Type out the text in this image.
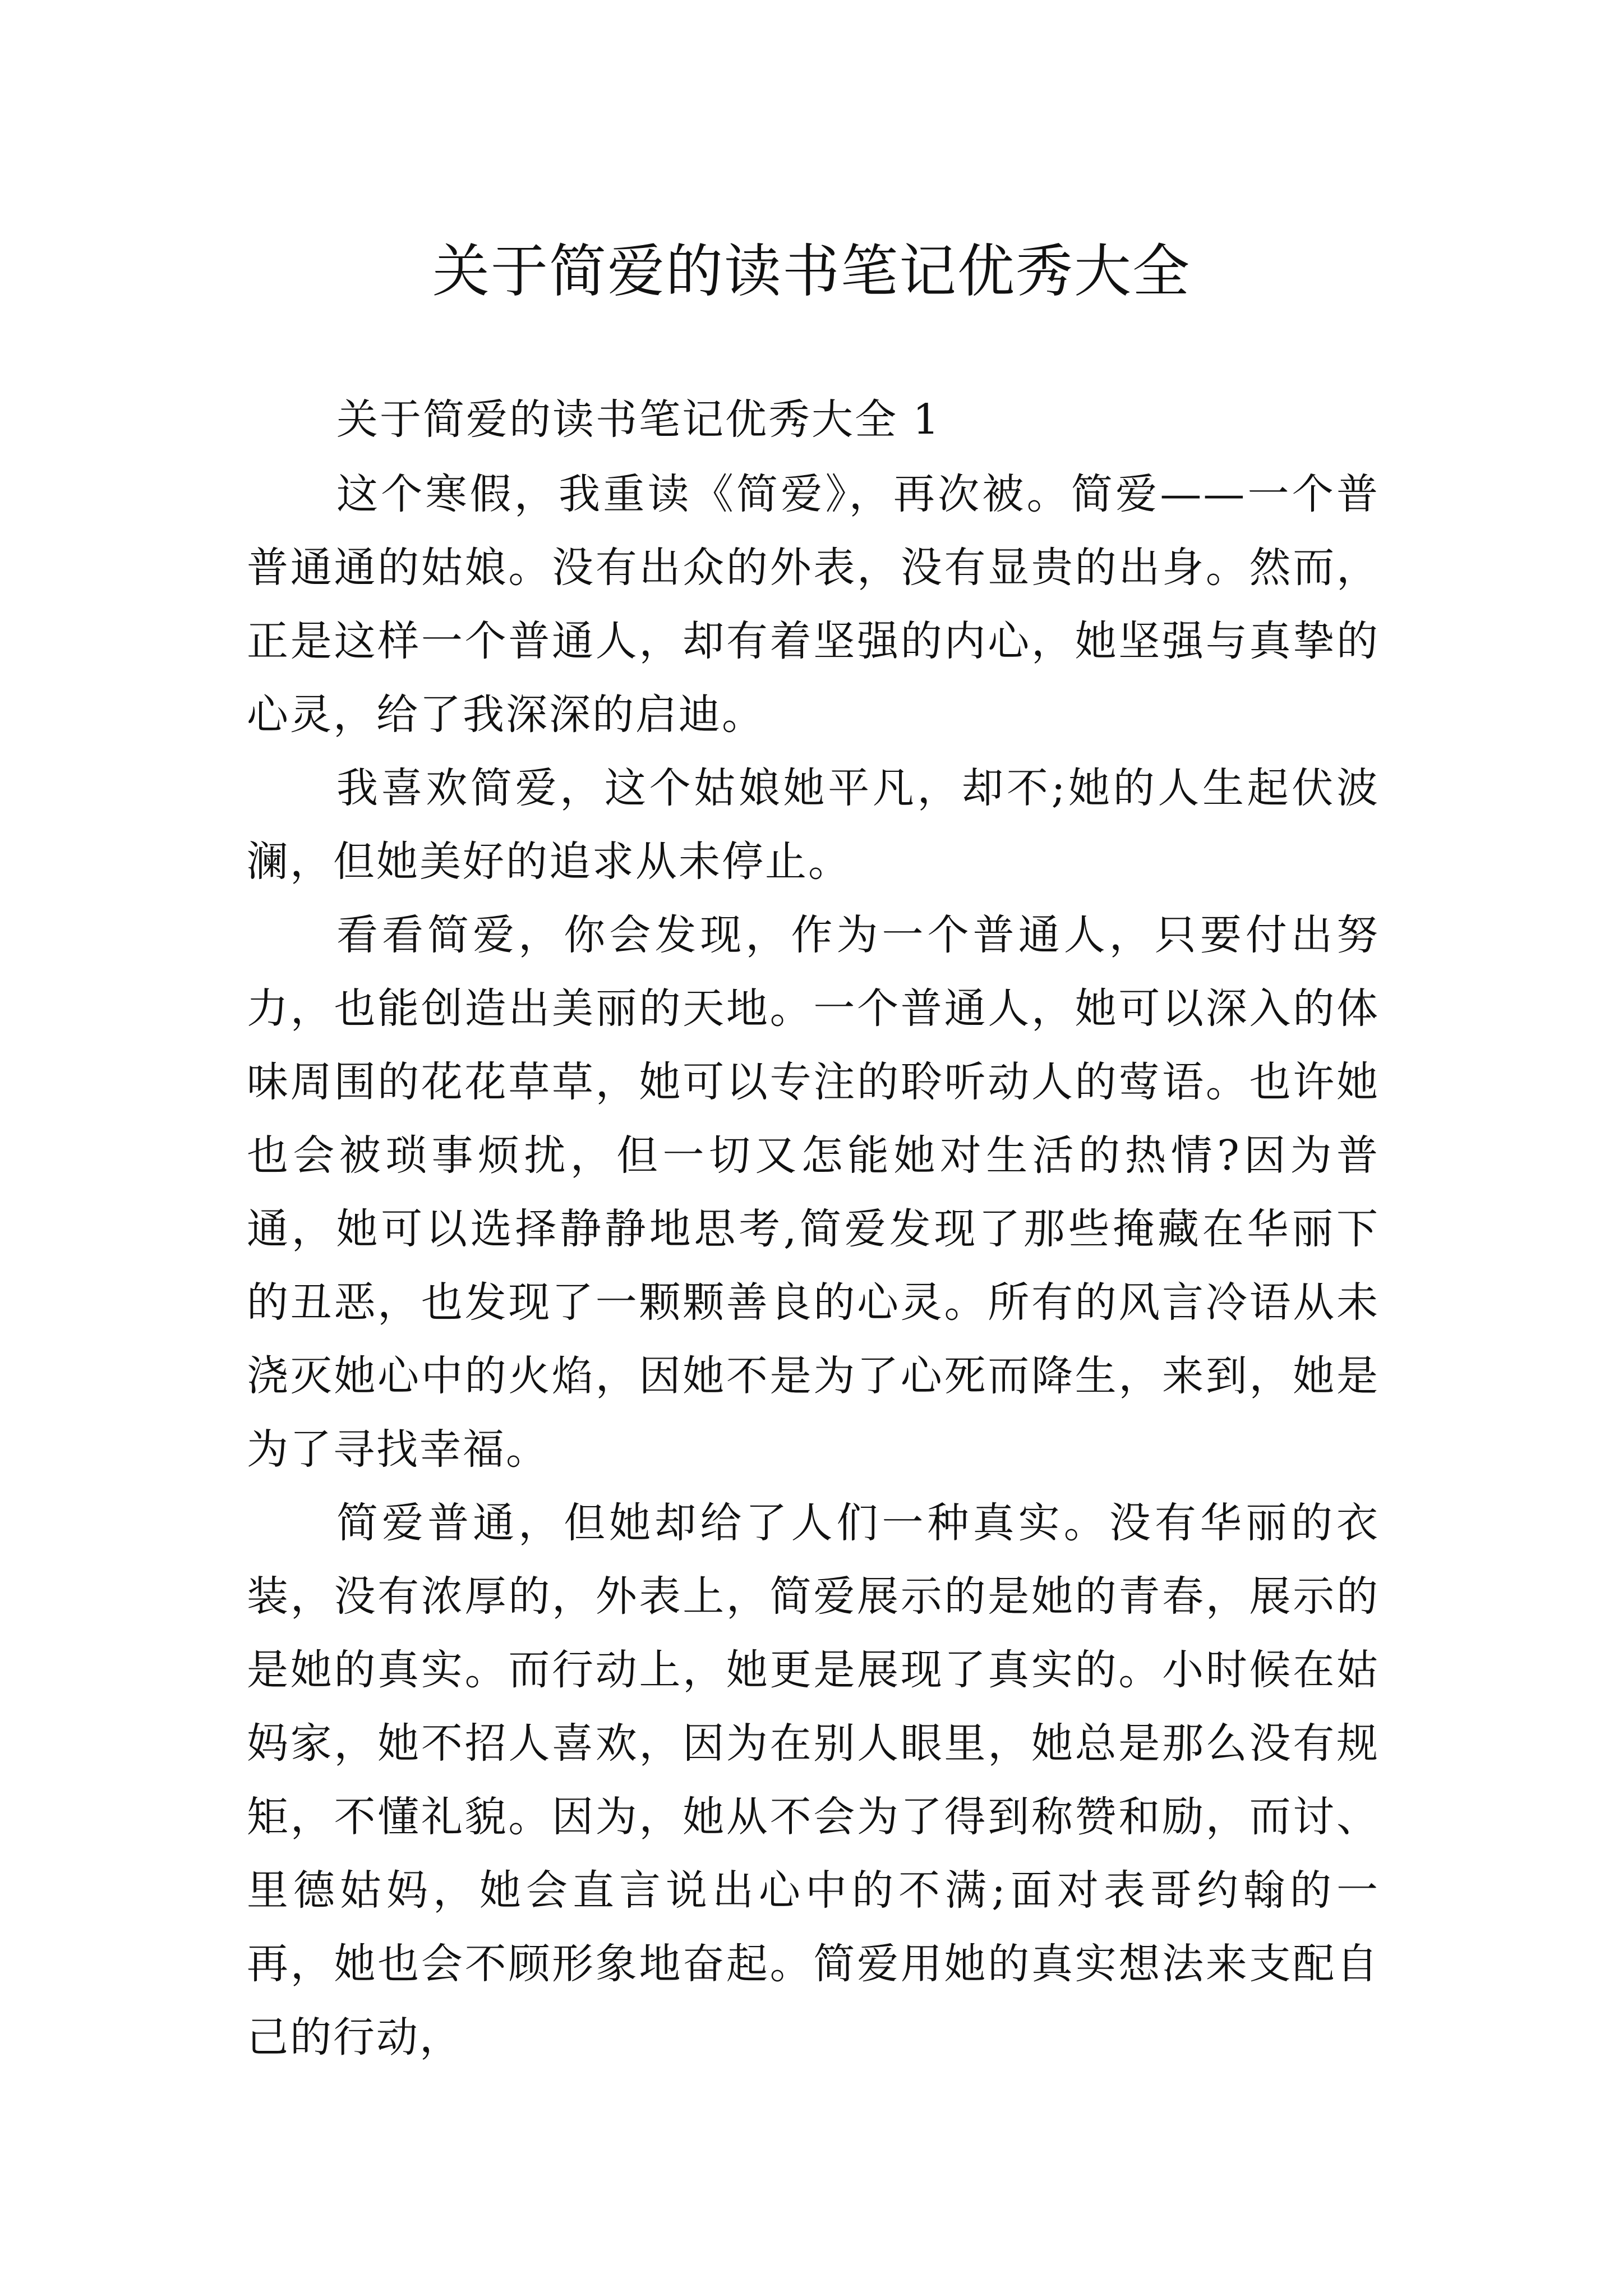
关于简爱的读书笔记优秀大全

关于简爱的读书笔记优秀大全 1

这个寒假，我重读《简爱》，再次被。简爱——一个普普通通的姑娘。没有出众的外表，没有显贵的出身。然而，正是这样一个普通人，却有着坚强的内心，她坚强与真挚的心灵，给了我深深的启迪。

我喜欢简爱，这个姑娘她平凡，却不;她的人生起伏波澜，但她美好的追求从未停止。

看看简爱，你会发现，作为一个普通人，只要付出努力，也能创造出美丽的天地。一个普通人，她可以深入的体味周围的花花草草，她可以专注的聆听动人的莺语。也许她也会被琐事烦扰，但一切又怎能她对生活的热情?因为普通，她可以选择静静地思考,简爱发现了那些掩藏在华丽下的丑恶，也发现了一颗颗善良的心灵。所有的风言冷语从未浇灭她心中的火焰，因她不是为了心死而降生，来到，她是为了寻找幸福。

简爱普通，但她却给了人们一种真实。没有华丽的衣装，没有浓厚的，外表上，简爱展示的是她的青春，展示的是她的真实。而行动上，她更是展现了真实的。小时候在姑妈家，她不招人喜欢，因为在别人眼里，她总是那么没有规矩，不懂礼貌。因为，她从不会为了得到称赞和励，而讨、里德姑妈，她会直言说出心中的不满;面对表哥约翰的一再，她也会不顾形象地奋起。简爱用她的真实想法来支配自己的行动，
